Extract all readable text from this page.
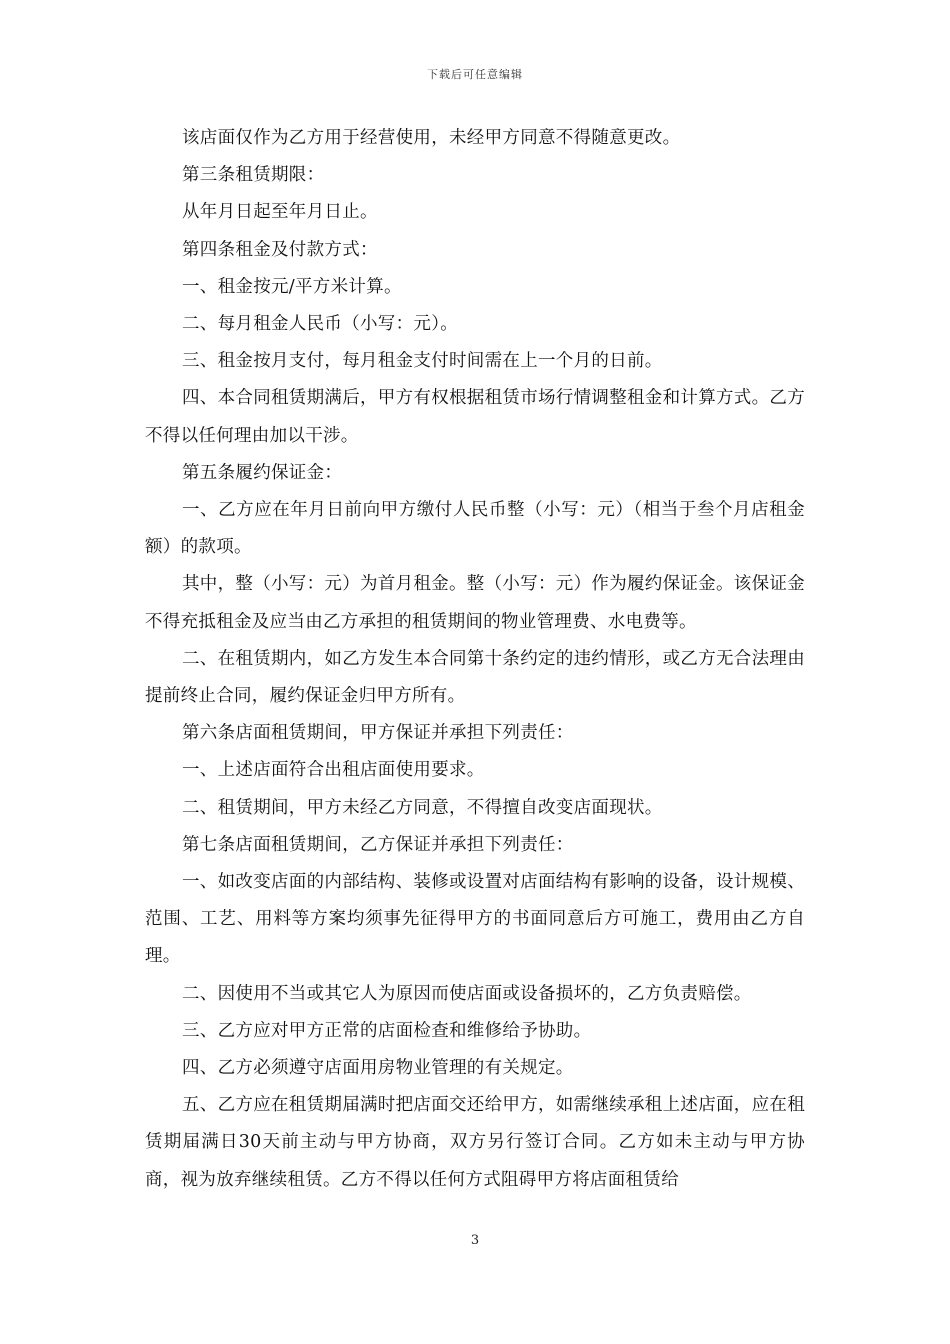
下载后可任意编辑

该店面仅作为乙方用于经营使用，未经甲方同意不得随意更改。

第三条租赁期限：

从年月日起至年月日止。

第四条租金及付款方式：

一、租金按元/平方米计算。

二、每月租金人民币（小写：元）。

三、租金按月支付，每月租金支付时间需在上一个月的日前。

四、本合同租赁期满后，甲方有权根据租赁市场行情调整租金和计算方式。乙方不得以任何理由加以干涉。

第五条履约保证金：

一、乙方应在年月日前向甲方缴付人民币整（小写：元）（相当于叁个月店租金额）的款项。

其中，整（小写：元）为首月租金。整（小写：元）作为履约保证金。该保证金不得充抵租金及应当由乙方承担的租赁期间的物业管理费、水电费等。

二、在租赁期内，如乙方发生本合同第十条约定的违约情形，或乙方无合法理由提前终止合同，履约保证金归甲方所有。

第六条店面租赁期间，甲方保证并承担下列责任：

一、上述店面符合出租店面使用要求。

二、租赁期间，甲方未经乙方同意，不得擅自改变店面现状。

第七条店面租赁期间，乙方保证并承担下列责任：

一、如改变店面的内部结构、装修或设置对店面结构有影响的设备，设计规模、范围、工艺、用料等方案均须事先征得甲方的书面同意后方可施工，费用由乙方自理。

二、因使用不当或其它人为原因而使店面或设备损坏的，乙方负责赔偿。

三、乙方应对甲方正常的店面检查和维修给予协助。

四、乙方必须遵守店面用房物业管理的有关规定。

五、乙方应在租赁期届满时把店面交还给甲方，如需继续承租上述店面，应在租赁期届满日30天前主动与甲方协商，双方另行签订合同。乙方如未主动与甲方协商，视为放弃继续租赁。乙方不得以任何方式阻碍甲方将店面租赁给

3
